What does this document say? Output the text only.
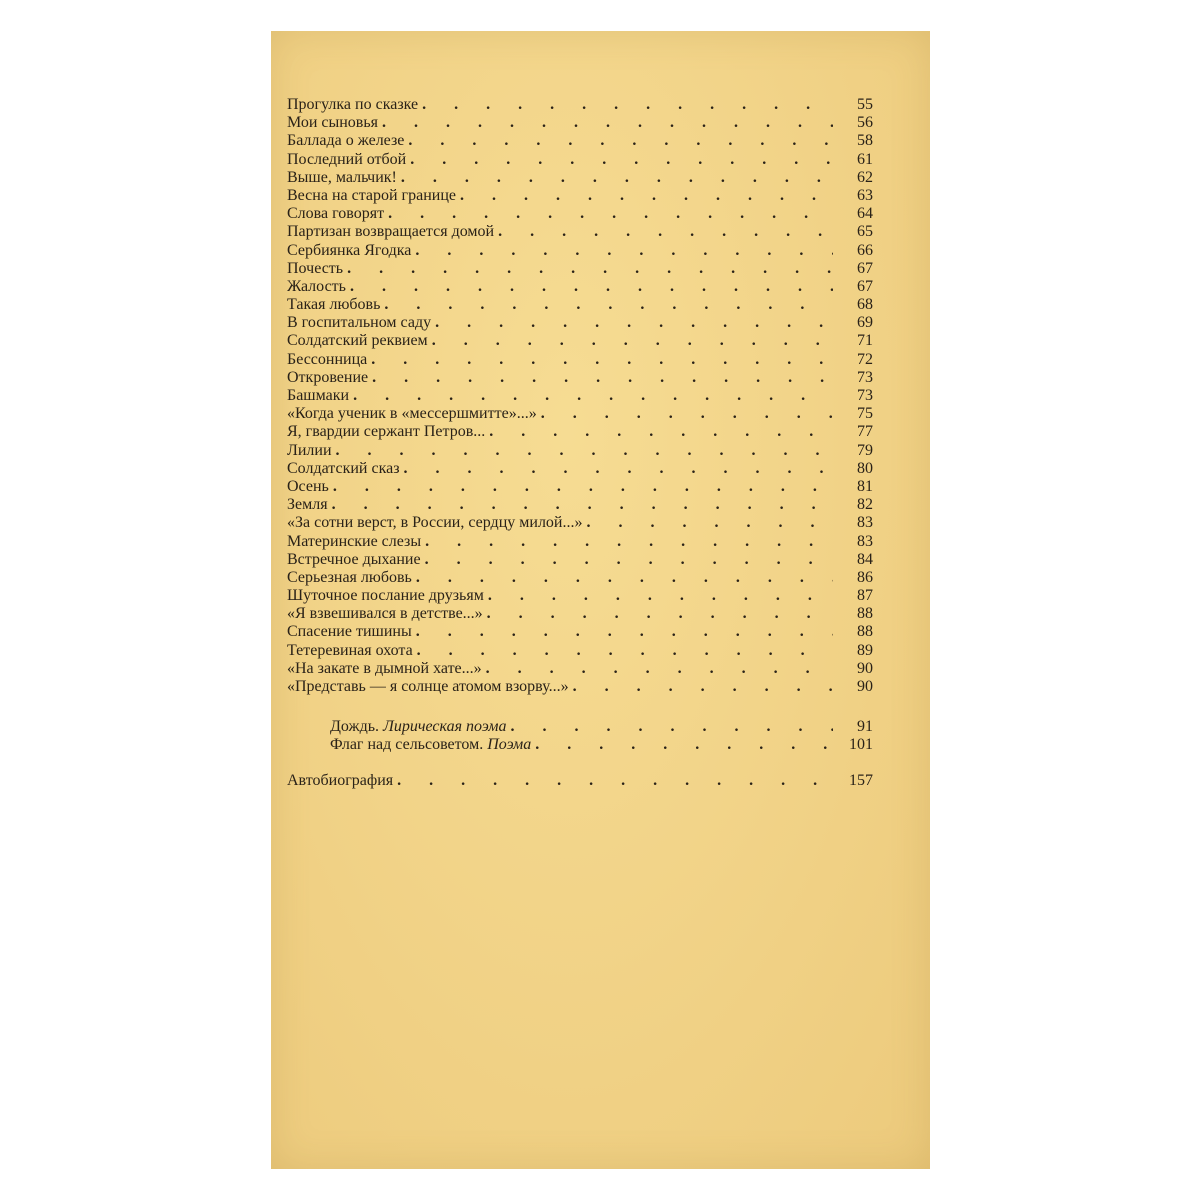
Прогулка по сказке . . .	55
Мои сыновья . . .	56
Баллада о железе . . .	58
Последний отбой . . .	61
Выше, мальчик! . . .	62
Весна на старой границе . . .	63
Слова говорят . . .	64
Партизан возвращается домой . . .	65
Сербиянка Ягодка . . .	66
Почесть . . .	67
Жалость . . .	67
Такая любовь . . .	68
В госпитальном саду . . .	69
Солдатский реквием . . .	71
Бессонница . . .	72
Откровение . . .	73
Башмаки . . .	73
«Когда ученик в «мессершмитте»...» . . .	75
Я, гвардии сержант Петров... . . .	77
Лилии . . .	79
Солдатский сказ . . .	80
Осень . . .	81
Земля . . .	82
«За сотни верст, в России, сердцу милой...» . . .	83
Материнские слезы . . .	83
Встречное дыхание . . .	84
Серьезная любовь . . .	86
Шуточное послание друзьям . . .	87
«Я взвешивался в детстве...» . . .	88
Спасение тишины . . .	88
Тетеревиная охота . . .	89
«На закате в дымной хате...» . . .	90
«Представь — я солнце атомом взорву...» . . .	90
Дождь. Лирическая поэма . . .	91
Флаг над сельсоветом. Поэма . . .	101
Автобиография . . .	157
